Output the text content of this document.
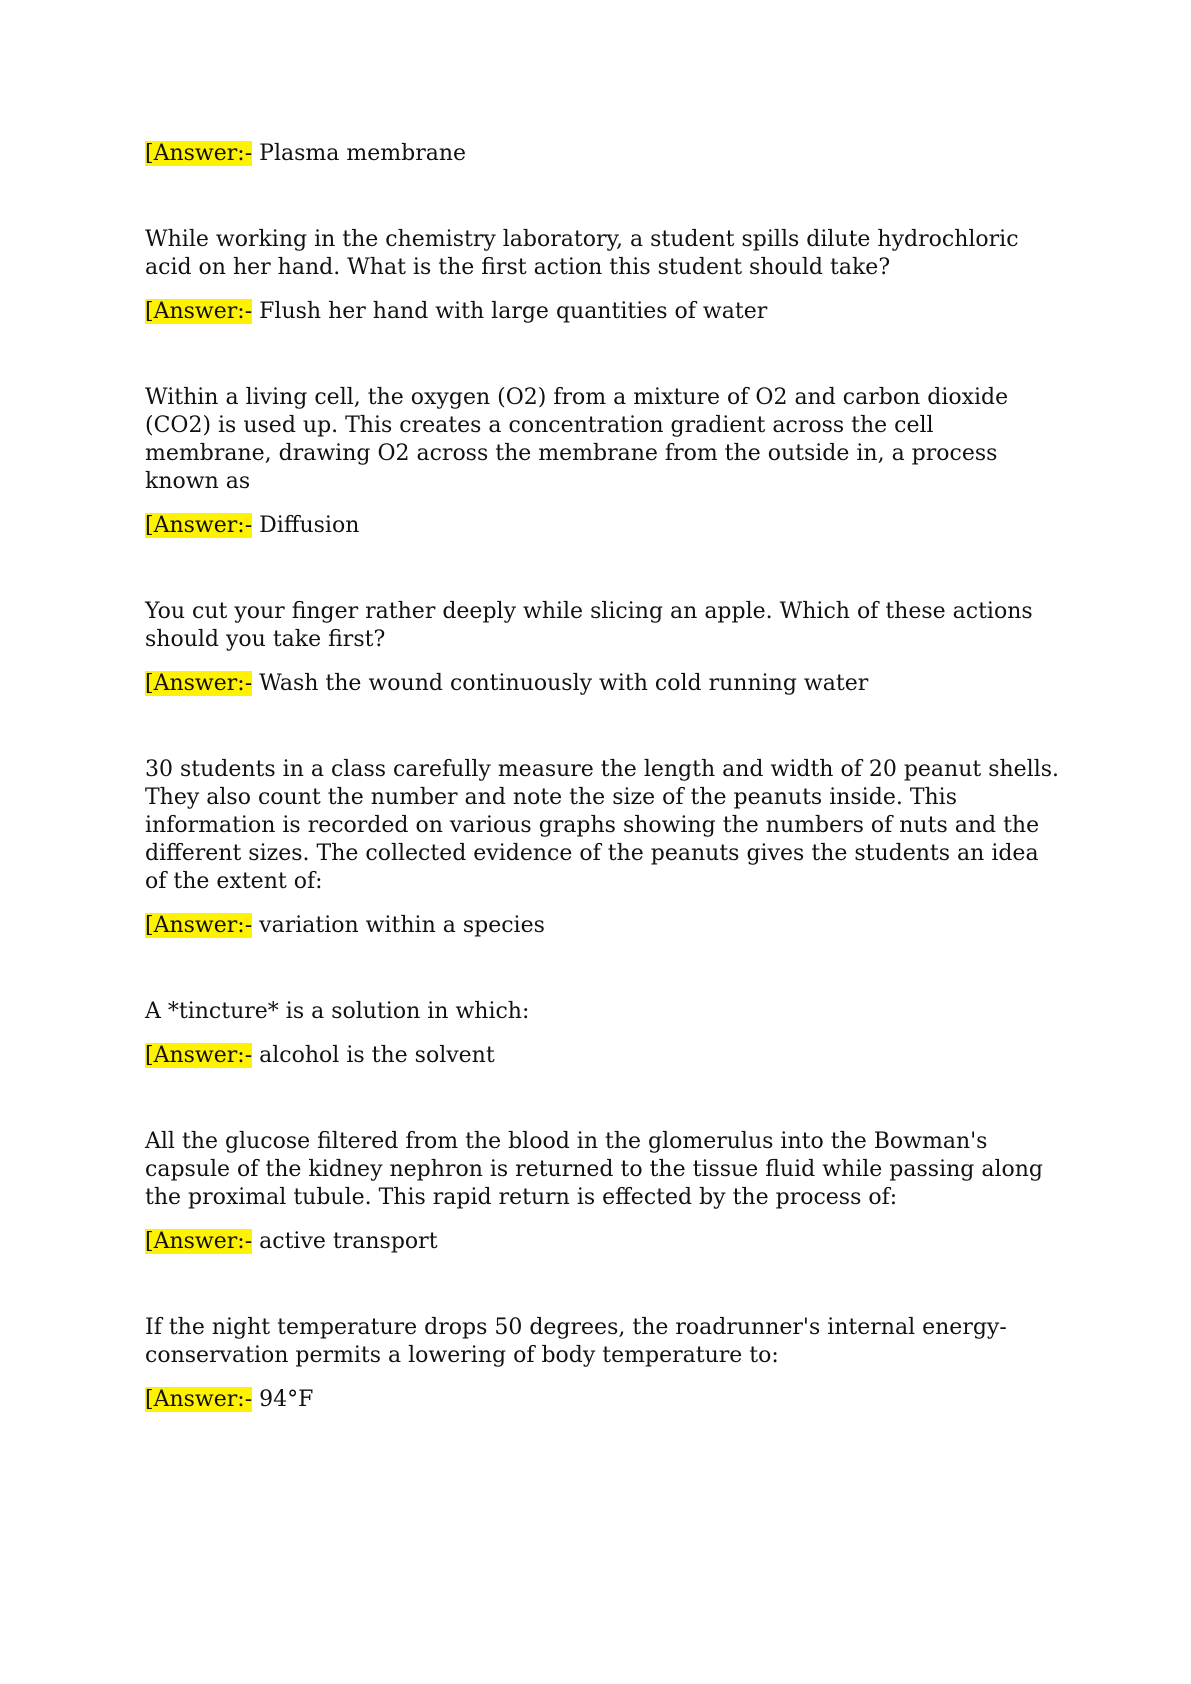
[Answer:- Plasma membrane

While working in the chemistry laboratory, a student spills dilute hydrochloric acid on her hand. What is the first action this student should take?

[Answer:- Flush her hand with large quantities of water

Within a living cell, the oxygen (O2) from a mixture of O2 and carbon dioxide (CO2) is used up. This creates a concentration gradient across the cell membrane, drawing O2 across the membrane from the outside in, a process known as

[Answer:- Diffusion

You cut your finger rather deeply while slicing an apple. Which of these actions should you take first?

[Answer:- Wash the wound continuously with cold running water

30 students in a class carefully measure the length and width of 20 peanut shells. They also count the number and note the size of the peanuts inside. This information is recorded on various graphs showing the numbers of nuts and the different sizes. The collected evidence of the peanuts gives the students an idea of the extent of:

[Answer:- variation within a species

A *tincture* is a solution in which:

[Answer:- alcohol is the solvent

All the glucose filtered from the blood in the glomerulus into the Bowman's capsule of the kidney nephron is returned to the tissue fluid while passing along the proximal tubule. This rapid return is effected by the process of:

[Answer:- active transport

If the night temperature drops 50 degrees, the roadrunner's internal energy-conservation permits a lowering of body temperature to:

[Answer:- 94°F
